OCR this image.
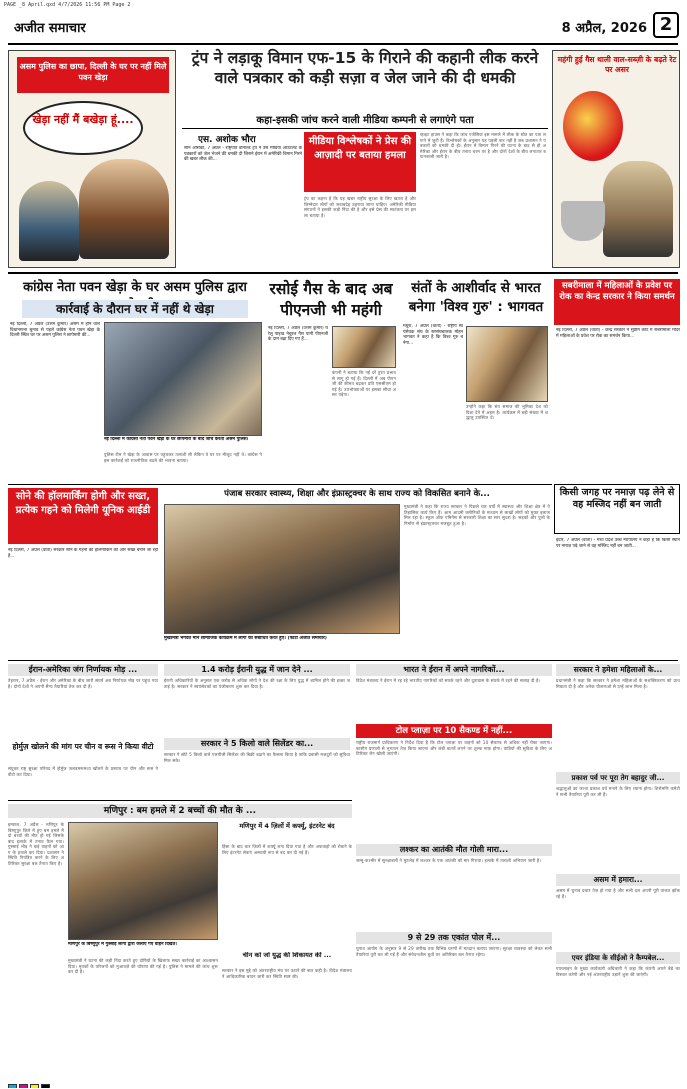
PAGE _8 April.qxd 4/7/2026 11:56 PM Page 2
अजीत समाचार	8 अप्रैल, 2026 2
असम पुलिस का छापा, दिल्ली के घर पर नहीं मिले पवन खेड़ा
खेड़ा नहीं मैं बखेड़ा हूं....
ट्रंप ने लड़ाकू विमान एफ-15 के गिराने की कहानी लीक करने वाले पत्रकार को कड़ी सज़ा व जेल जाने की दी धमकी
कहा-इसकी जांच करने वाली मीडिया कम्पनी से लगाएंगे पता
एस. अशोक भौरा
सान ओसेका, 7 अप्रैल - राष्ट्रपति डोनाल्ड ट्रंप ने उस मीडिया आउटलेट के पत्रकारों को जेल भेजने की धमकी दी जिसने ईरान में अमेरिकी विमान गिरने की खबर लीक की...
मीडिया विश्लेषकों ने प्रेस की आज़ादी पर बताया हमला
ट्रंप का कहना है कि यह खबर राष्ट्रीय सुरक्षा के लिए खतरा है और जिम्मेदार लोगों को जवाबदेह ठहराया जाना चाहिए। अमेरिकी मीडिया संगठनों ने इसकी कड़ी निंदा की है और इसे प्रेस की स्वतंत्रता पर हमला बताया है।
व्हाइट हाउस ने कहा कि जांच एजेंसियां इस मामले में लीक के स्रोत का पता लगाने में जुटी हैं। विश्लेषकों के अनुसार यह पहली बार नहीं है जब प्रशासन ने पत्रकारों को धमकी दी हो। ईरान में विमान गिरने की घटना के बाद से ही अमेरिका और ईरान के बीच तनाव चरम पर है और दोनों देशों के बीच लगातार बयानबाजी जारी है।
महंगी हुई गैस थाली वाल-सब्ज़ी के बढ़ते रेट पर असर
कांग्रेस नेता पवन खेड़ा के घर असम पुलिस द्वारा
कार्रवाई के दौरान घर में नहीं थे खेड़ा
नई दिल्ली, 7 अप्रैल (उत्तम कुमार) असम में होने वाले विधानसभा चुनाव से पहले कांग्रेस नेता पवन खेड़ा के दिल्ली स्थित घर पर असम पुलिस ने छापेमारी की...
नई दिल्ली में कांग्रेसी नेता पवन खेड़ा के घर छापेमारी के बाद जांच करती असम पुलिस।
पुलिस टीम ने खेड़ा के आवास पर पहुंचकर तलाशी ली लेकिन वे घर पर मौजूद नहीं थे। कांग्रेस ने इस कार्रवाई को राजनीतिक बदले की भावना बताया।
रसोई गैस के बाद अब पीएनजी भी महंगी
नई दिल्ली, 7 अप्रैल (उत्तम कुमार) घरेलू पाइप्ड नेचुरल गैस यानी पीएनजी के दाम बढ़ा दिए गए हैं...
कंपनी ने बताया कि नई दरें तुरंत प्रभाव से लागू हो गई हैं। दिल्ली में अब पीएनजी की कीमत बढ़कर प्रति एससीएम हो गई है। उपभोक्ताओं पर इसका सीधा असर पड़ेगा।
संतों के आशीर्वाद से भारत बनेगा 'विश्व गुरु' : भागवत
मथुरा, 7 अप्रैल (वार्ता) - राष्ट्रीय स्वयंसेवक संघ के सरसंघचालक मोहन भागवत ने कहा है कि विश्व गुरु बनेगा...
उन्होंने कहा कि संत समाज की भूमिका देश को दिशा देने में अहम है। कार्यक्रम में बड़ी संख्या में श्रद्धालु उपस्थित थे।
सबरीमाला में महिलाओं के प्रवेश पर रोक का केन्द्र सरकार ने किया समर्थन
नई दिल्ली, 7 अप्रैल (वार्ता) - केन्द्र सरकार ने सुप्रीम कोर्ट में सबरीमाला मंदिर में महिलाओं के प्रवेश पर रोक का समर्थन किया...
सोने की हॉलमार्किंग होगी और सख्त, प्रत्येक गहने को मिलेगी यूनिक आईडी
नई दिल्ली, 7 अप्रैल (वार्ता) सरकार सोने के गहनों की हॉलमार्किंग को और सख्त बनाने जा रही है...
पंजाब सरकार स्वास्थ्य, शिक्षा और इंफ्रास्ट्रक्चर के साथ राज्य को विकसित बनाने के...
मुख्यमंत्री भगवंत मान सामाजिक कार्यक्रम में लोगों को संबोधित करते हुए। (फोटो अजीत समाचार)
मुख्यमंत्री ने कहा कि राज्य सरकार ने पिछले चार वर्षों में स्वास्थ्य और शिक्षा क्षेत्र में ऐतिहासिक कार्य किए हैं। आम आदमी क्लीनिकों के माध्यम से लाखों लोगों को मुफ्त इलाज मिल रहा है। स्कूल ऑफ एमिनेंस से सरकारी शिक्षा का स्तर सुधरा है। सड़कों और पुलों के निर्माण से इंफ्रास्ट्रक्चर मजबूत हुआ है।
किसी जगह पर नमाज़ पढ़ लेने से वह मस्जिद नहीं बन जाती
इंदौर, 7 अप्रैल (वार्ता) - मध्य प्रदेश उच्च न्यायालय ने कहा है कि किसी स्थान पर नमाज़ पढ़े जाने से वह मस्जिद नहीं बन जाती...
ईरान-अमेरिका जंग निर्णायक मोड़ ...
तेहरान, 7 अप्रैल - ईरान और अमेरिका के बीच जारी संघर्ष अब निर्णायक मोड़ पर पहुंच गया है। दोनों देशों ने अपनी सैन्य तैयारियां तेज कर दी हैं।
होर्मुज़ खोलने की मांग पर चीन व रूस ने किया वीटो
संयुक्त राष्ट्र सुरक्षा परिषद में होर्मुज़ जलडमरूमध्य खोलने के प्रस्ताव पर चीन और रूस ने वीटो कर दिया।
1.4 करोड़ ईरानी युद्ध में जान देने ...
ईरानी अधिकारियों के अनुसार एक करोड़ से अधिक लोगों ने देश की रक्षा के लिए युद्ध में शामिल होने की इच्छा जताई है। सरकार ने स्वयंसेवकों का पंजीकरण शुरू कर दिया है।
सरकार ने 5 किलो वाले सिलेंडर का...
सरकार ने छोटे 5 किलो वाले एलपीजी सिलेंडर की बिक्री बढ़ाने का फैसला किया है ताकि प्रवासी मज़दूरों को सुविधा मिल सके।
भारत ने ईरान में अपने नागरिकों...
विदेश मंत्रालय ने ईरान में रह रहे भारतीय नागरिकों को सतर्क रहने और दूतावास के संपर्क में रहने की सलाह दी है।
टोल प्लाज़ा पर 10 सैकण्ड में नहीं...
राष्ट्रीय राजमार्ग प्राधिकरण ने निर्देश दिया है कि टोल प्लाज़ा पर वाहनों को 10 सैकण्ड से अधिक नहीं रोका जाएगा। फास्टैग प्रणाली से भुगतान तेज़ किया जाएगा और लंबी कतारें लगने पर शुल्क माफ़ होगा। यात्रियों की सुविधा के लिए अतिरिक्त लेन खोली जाएंगी।
लश्कर का आतंकी मौत गोली मारा...
जम्मू-कश्मीर में सुरक्षाबलों ने मुठभेड़ में लश्कर के एक आतंकी को मार गिराया। इलाके में तलाशी अभियान जारी है।
9 से 29 तक एकांत पोल में...
चुनाव आयोग के अनुसार 9 से 29 तारीख तक विभिन्न चरणों में मतदान कराया जाएगा। सुरक्षा व्यवस्था को लेकर सभी तैयारियां पूरी कर ली गई हैं और संवेदनशील बूथों पर अतिरिक्त बल तैनात रहेगा।
सरकार ने हमेशा महिलाओं के...
प्रधानमंत्री ने कहा कि सरकार ने हमेशा महिलाओं के सशक्तिकरण को प्राथमिकता दी है और अनेक योजनाओं से उन्हें लाभ मिला है।
प्रकाश पर्व पर पूरा तेग बहादुर जी...
श्रद्धालुओं का जत्था प्रकाश पर्व मनाने के लिए रवाना होगा। शिरोमणि कमेटी ने सभी तैयारियां पूरी कर ली हैं।
असम में हमारा...
असम में चुनाव प्रचार तेज़ हो गया है और सभी दल अपनी पूरी ताकत झोंक रहे हैं।
एयर इंडिया के सीईओ ने कैम्पबेल...
एयरलाइन के मुख्य कार्यकारी अधिकारी ने कहा कि कंपनी अपने बेड़े का विस्तार करेगी और नई अंतरराष्ट्रीय उड़ानें शुरू की जाएंगी।
मणिपुर : बम हमले में 2 बच्चों की मौत के ...
इम्फाल, 7 अप्रैल - मणिपुर के बिष्णुपुर ज़िले में हुए बम हमले में दो बच्चों की मौत हो गई जिसके बाद इलाके में तनाव फैल गया। गुस्साई भीड़ ने कई वाहनों को आग के हवाले कर दिया। प्रशासन ने स्थिति नियंत्रित करने के लिए अतिरिक्त सुरक्षा बल तैनात किए हैं।
मणिपुर के बिष्णुपुर में गुस्साई लोगों द्वारा जलाए गए वाहन दिखते।
मुख्यमंत्री ने घटना की कड़ी निंदा करते हुए दोषियों के खिलाफ सख्त कार्रवाई का आश्वासन दिया। मृतकों के परिजनों को मुआवज़े की घोषणा की गई है। पुलिस ने मामले की जांच शुरू कर दी है।
मणिपुर में 4 ज़िलों में कर्फ्यू, इंटरनेट बंद
हिंसा के बाद चार ज़िलों में कर्फ्यू लगा दिया गया है और अफवाहों को रोकने के लिए इंटरनेट सेवाएं अस्थायी रूप से बंद कर दी गई हैं।
चीन को जो युद्ध की शिकायत की ...
सरकार ने इस मुद्दे को अंतरराष्ट्रीय मंच पर उठाने की बात कही है। विदेश मंत्रालय ने आधिकारिक बयान जारी कर स्थिति स्पष्ट की।
